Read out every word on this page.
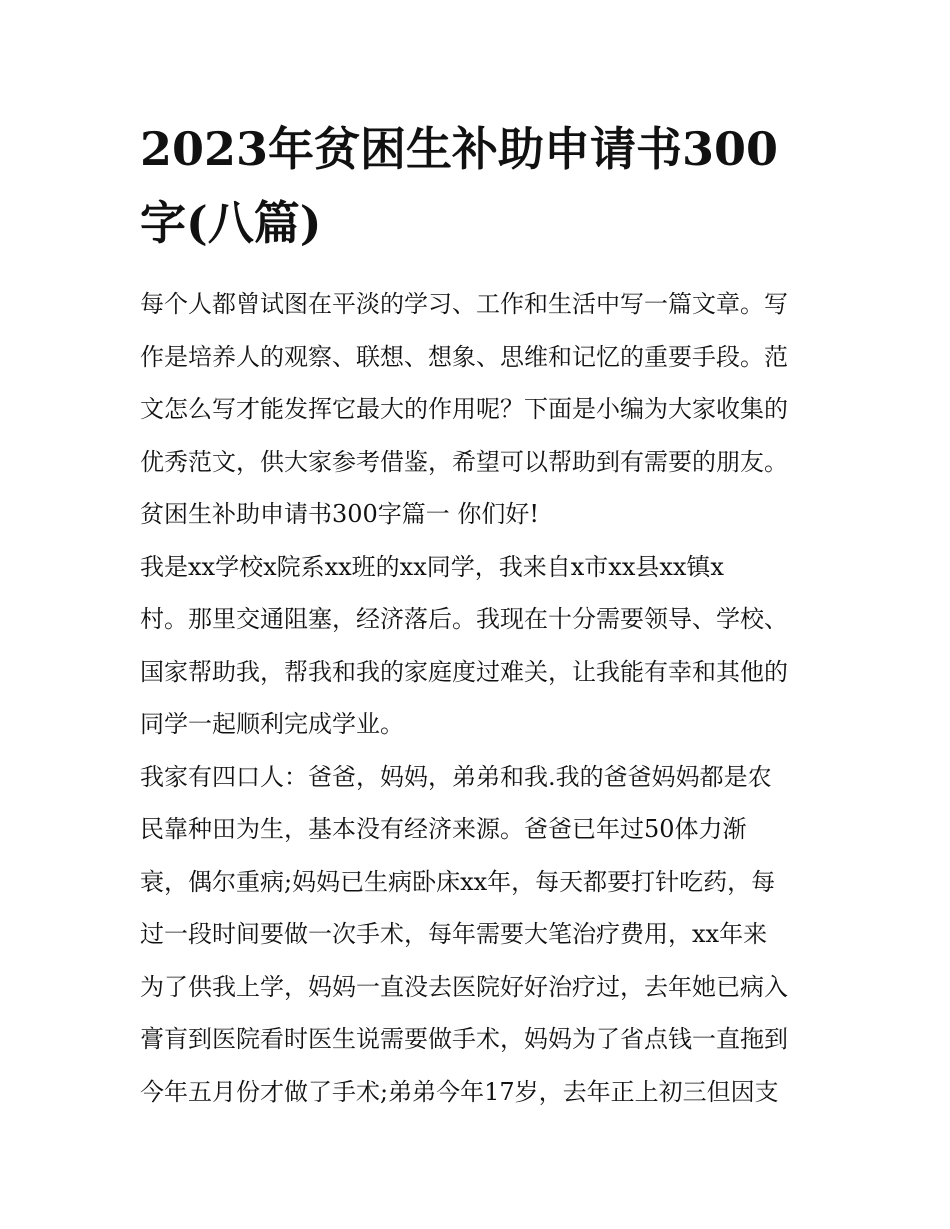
2023年贫困生补助申请书300
字(八篇)

每个人都曾试图在平淡的学习、工作和生活中写一篇文章。写

作是培养人的观察、联想、想象、思维和记忆的重要手段。范

文怎么写才能发挥它最大的作用呢？下面是小编为大家收集的

优秀范文，供大家参考借鉴，希望可以帮助到有需要的朋友。

贫困生补助申请书300字篇一 你们好!

我是xx学校x院系xx班的xx同学，我来自x市xx县xx镇x

村。那里交通阻塞，经济落后。我现在十分需要领导、学校、

国家帮助我，帮我和我的家庭度过难关，让我能有幸和其他的

同学一起顺利完成学业。

我家有四口人：爸爸，妈妈，弟弟和我.我的爸爸妈妈都是农

民靠种田为生，基本没有经济来源。爸爸已年过50体力渐

衰，偶尔重病;妈妈已生病卧床xx年，每天都要打针吃药，每

过一段时间要做一次手术，每年需要大笔治疗费用，xx年来

为了供我上学，妈妈一直没去医院好好治疗过，去年她已病入

膏肓到医院看时医生说需要做手术，妈妈为了省点钱一直拖到

今年五月份才做了手术;弟弟今年17岁，去年正上初三但因支
